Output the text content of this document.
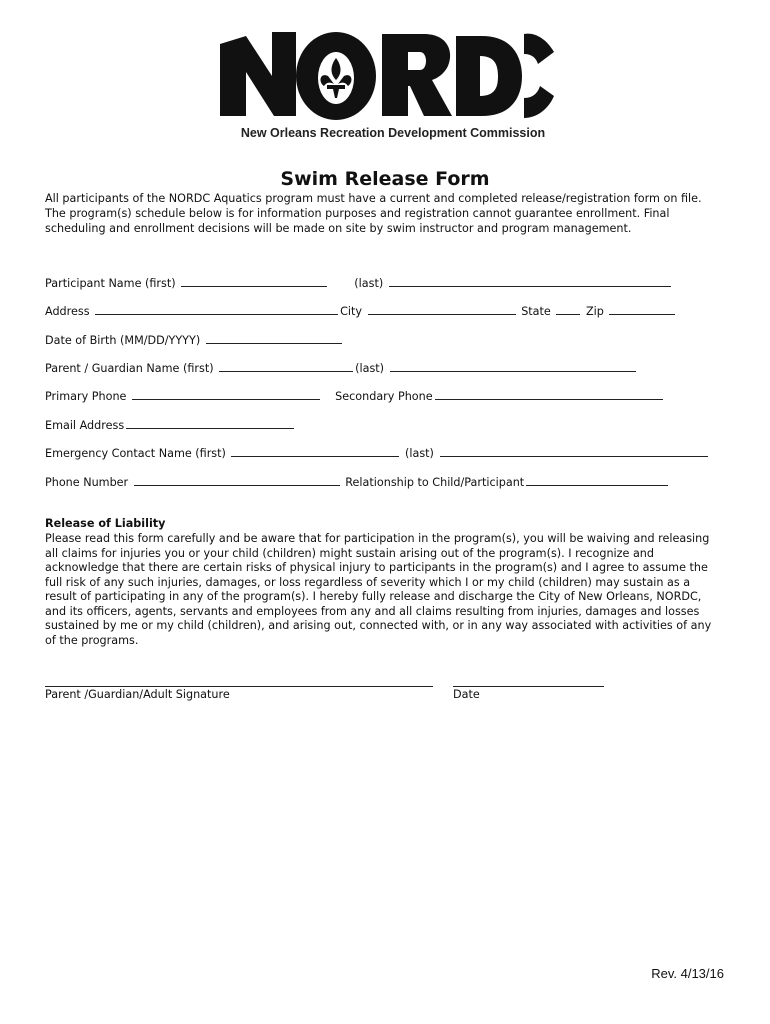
New Orleans Recreation Development Commission
Swim Release Form

All participants of the NORDC Aquatics program must have a current and completed release/registration form on file.

The program(s) schedule below is for information purposes and registration cannot guarantee enrollment. Final

scheduling and enrollment decisions will be made on site by swim instructor and program management.

Participant Name (first)	(last)
Address	City	State	Zip
Date of Birth (MM/DD/YYYY)
Parent / Guardian Name (first)	(last)
Primary Phone	Secondary Phone
Email Address
Emergency Contact Name (first)	(last)
Phone Number	Relationship to Child/Participant
Release of Liability

Please read this form carefully and be aware that for participation in the program(s), you will be waiving and releasing

all claims for injuries you or your child (children) might sustain arising out of the program(s). I recognize and

acknowledge that there are certain risks of physical injury to participants in the program(s) and I agree to assume the

full risk of any such injuries, damages, or loss regardless of severity which I or my child (children) may sustain as a

result of participating in any of the program(s). I hereby fully release and discharge the City of New Orleans, NORDC,

and its officers, agents, servants and employees from any and all claims resulting from injuries, damages and losses

sustained by me or my child (children), and arising out, connected with, or in any way associated with activities of any

of the programs.

Parent /Guardian/Adult Signature	Date
Rev. 4/13/16
